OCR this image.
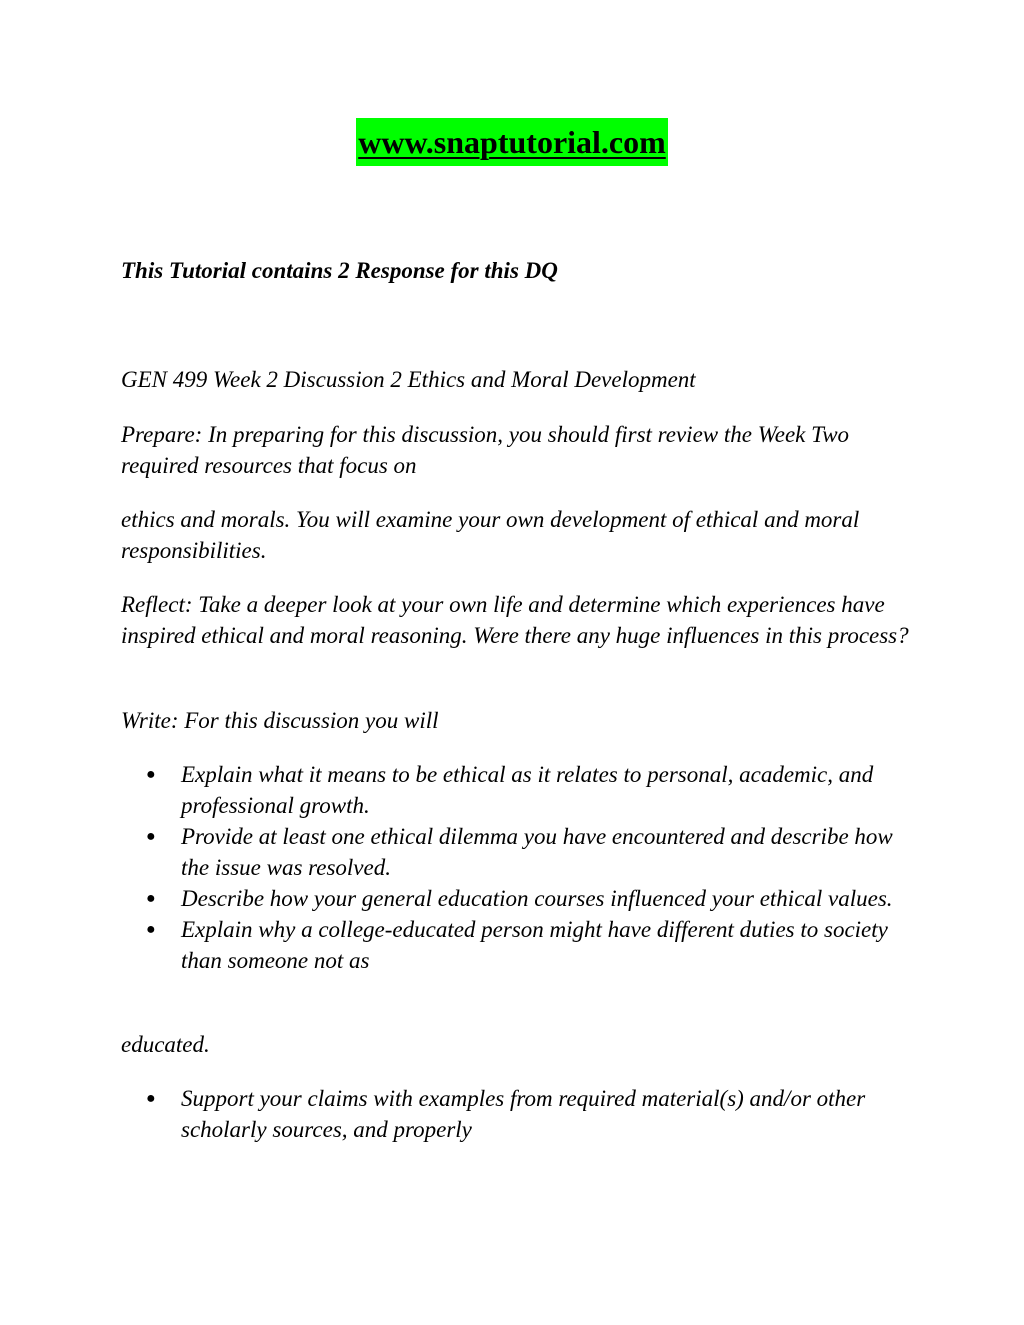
www.snaptutorial.com

This Tutorial contains 2 Response for this DQ

GEN 499 Week 2 Discussion 2 Ethics and Moral Development

Prepare: In preparing for this discussion, you should first review the Week Two required resources that focus on

ethics and morals. You will examine your own development of ethical and moral responsibilities.

Reflect: Take a deeper look at your own life and determine which experiences have inspired ethical and moral reasoning. Were there any huge influences in this process?

Write: For this discussion you will

● Explain what it means to be ethical as it relates to personal, academic, and professional growth.
● Provide at least one ethical dilemma you have encountered and describe how the issue was resolved.
● Describe how your general education courses influenced your ethical values.
● Explain why a college-educated person might have different duties to society than someone not as

educated.

● Support your claims with examples from required material(s) and/or other scholarly sources, and properly
